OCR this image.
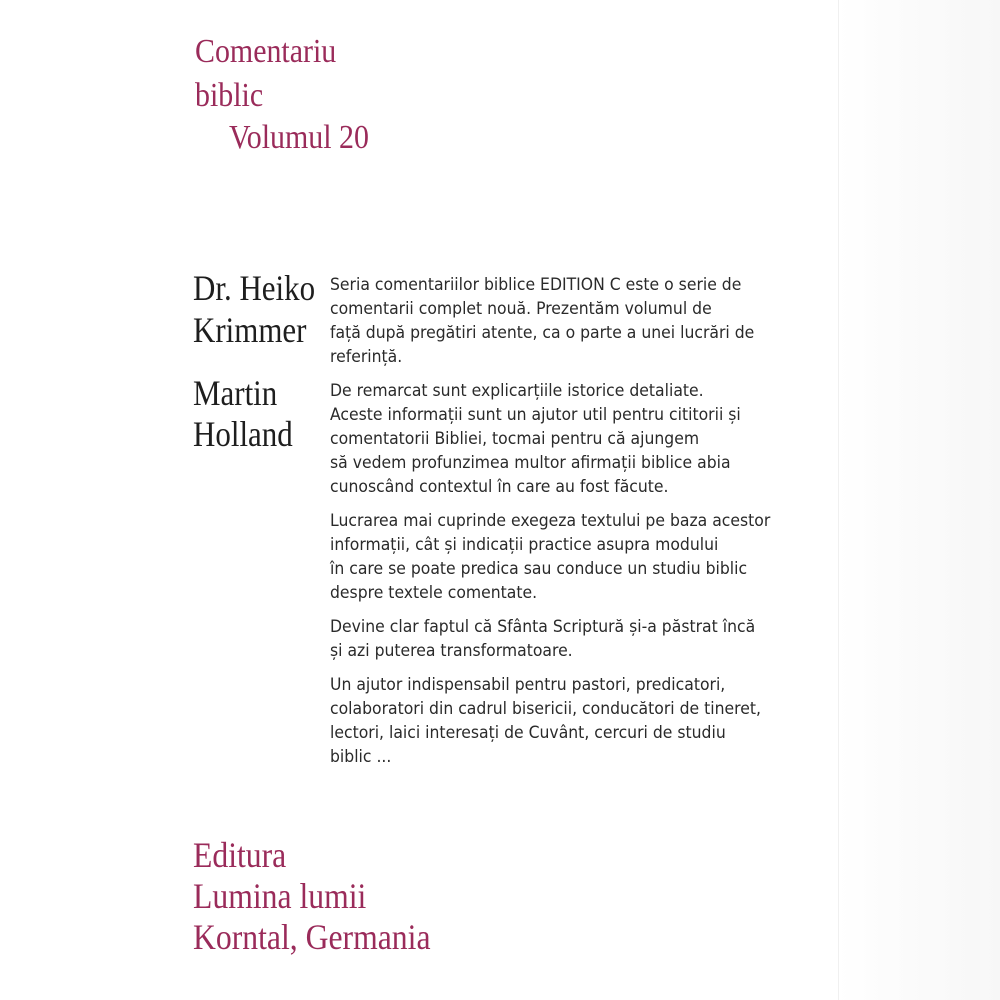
Comentariu
biblic
Volumul 20
Dr. Heiko
Krimmer
Martin
Holland
Seria comentariilor biblice EDITION C este o serie de
comentarii complet nouă. Prezentăm volumul de
față după pregătiri atente, ca o parte a unei lucrări de
referință.
De remarcat sunt explicarțiile istorice detaliate.
Aceste informații sunt un ajutor util pentru cititorii și
comentatorii Bibliei, tocmai pentru că ajungem
să vedem profunzimea multor afirmații biblice abia
cunoscând contextul în care au fost făcute.
Lucrarea mai cuprinde exegeza textului pe baza acestor
informații, cât și indicații practice asupra modului
în care se poate predica sau conduce un studiu biblic
despre textele comentate.
Devine clar faptul că Sfânta Scriptură și-a păstrat încă
și azi puterea transformatoare.
Un ajutor indispensabil pentru pastori, predicatori,
colaboratori din cadrul bisericii, conducători de tineret,
lectori, laici interesați de Cuvânt, cercuri de studiu
biblic ...
Editura
Lumina lumii
Korntal, Germania
